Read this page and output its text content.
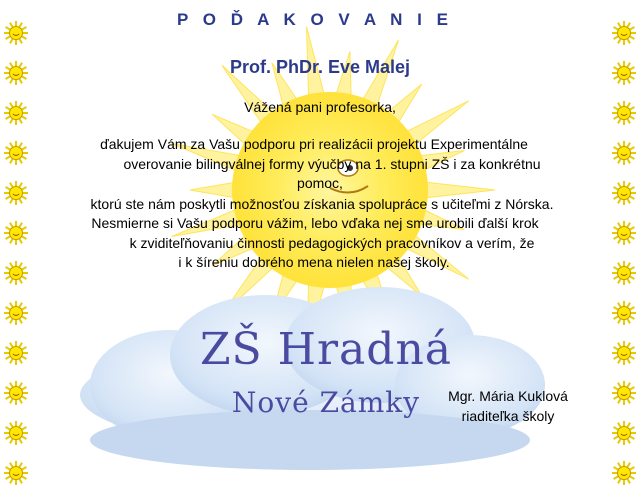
P O Ď A K O V A N I E
Prof. PhDr. Eve Malej
Vážená pani profesorka,
ďakujem Vám za Vašu podporu pri realizácii projektu Experimentálne
overovanie bilingválnej formy výučby na 1. stupni ZŠ i za konkrétnu
pomoc,
ktorú ste nám poskytli možnosťou získania spolupráce s učiteľmi z Nórska.
Nesmierne si Vašu podporu vážim, lebo vďaka nej sme urobili ďalší krok
k zviditeľňovaniu činnosti pedagogických pracovníkov a verím, že
i k šíreniu dobrého mena nielen našej školy.
ZŠ Hradná
Nové Zámky	Mgr. Mária Kuklová
riaditeľka školy
